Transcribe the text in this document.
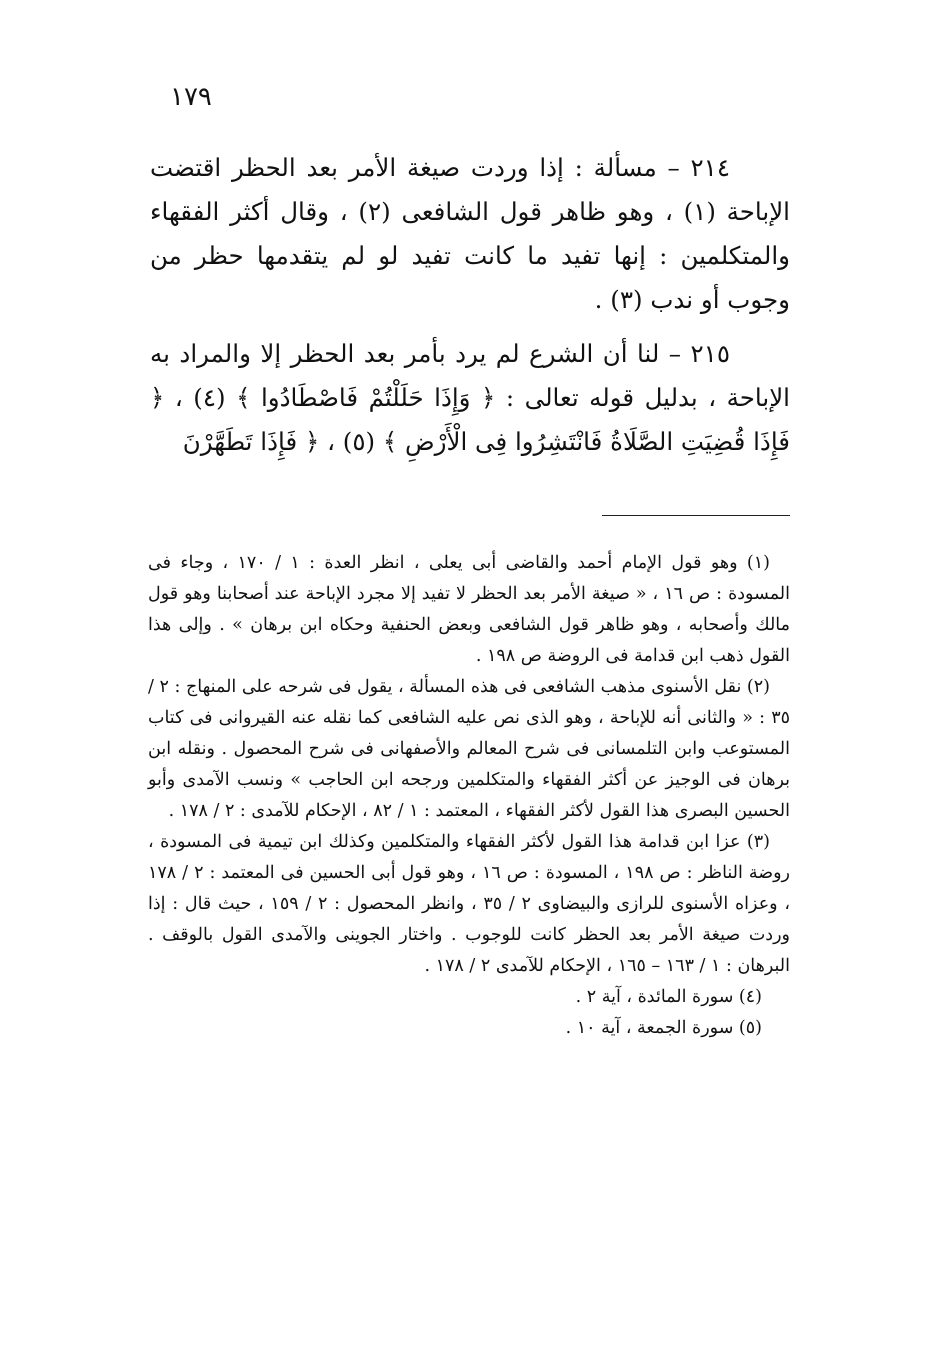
١٧٩

٢١٤ – مسألة : إذا وردت صيغة الأمر بعد الحظر اقتضت الإباحة (١) ، وهو ظاهر قول الشافعى (٢) ، وقال أكثر الفقهاء والمتكلمين : إنها تفيد ما كانت تفيد لو لم يتقدمها حظر من وجوب أو ندب (٣) .

٢١٥ – لنا أن الشرع لم يرد بأمر بعد الحظر إلا والمراد به الإباحة ، بدليل قوله تعالى : ﴿ وَإِذَا حَلَلْتُمْ فَاصْطَادُوا ﴾ (٤) ، ﴿ فَإِذَا قُضِيَتِ الصَّلَاةُ فَانْتَشِرُوا فِى الْأَرْضِ ﴾ (٥) ، ﴿ فَإِذَا تَطَهَّرْنَ

(١) وهو قول الإمام أحمد والقاضى أبى يعلى ، انظر العدة : ١ / ١٧٠ ، وجاء فى المسودة : ص ١٦ ، « صيغة الأمر بعد الحظر لا تفيد إلا مجرد الإباحة عند أصحابنا وهو قول مالك وأصحابه ، وهو ظاهر قول الشافعى وبعض الحنفية وحكاه ابن برهان » . وإلى هذا القول ذهب ابن قدامة فى الروضة ص ١٩٨ .

(٢) نقل الأسنوى مذهب الشافعى فى هذه المسألة ، يقول فى شرحه على المنهاج : ٢ / ٣٥ : « والثانى أنه للإباحة ، وهو الذى نص عليه الشافعى كما نقله عنه القيروانى فى كتاب المستوعب وابن التلمسانى فى شرح المعالم والأصفهانى فى شرح المحصول . ونقله ابن برهان فى الوجيز عن أكثر الفقهاء والمتكلمين ورجحه ابن الحاجب » ونسب الآمدى وأبو الحسين البصرى هذا القول لأكثر الفقهاء ، المعتمد : ١ / ٨٢ ، الإحكام للآمدى : ٢ / ١٧٨ .

(٣) عزا ابن قدامة هذا القول لأكثر الفقهاء والمتكلمين وكذلك ابن تيمية فى المسودة ، روضة الناظر : ص ١٩٨ ، المسودة : ص ١٦ ، وهو قول أبى الحسين فى المعتمد : ٢ / ١٧٨ ، وعزاه الأسنوى للرازى والبيضاوى ٢ / ٣٥ ، وانظر المحصول : ٢ / ١٥٩ ، حيث قال : إذا وردت صيغة الأمر بعد الحظر كانت للوجوب . واختار الجوينى والآمدى القول بالوقف . البرهان : ١ / ١٦٣ – ١٦٥ ، الإحكام للآمدى ٢ / ١٧٨ .

(٤) سورة المائدة ، آية ٢ .

(٥) سورة الجمعة ، آية ١٠ .
